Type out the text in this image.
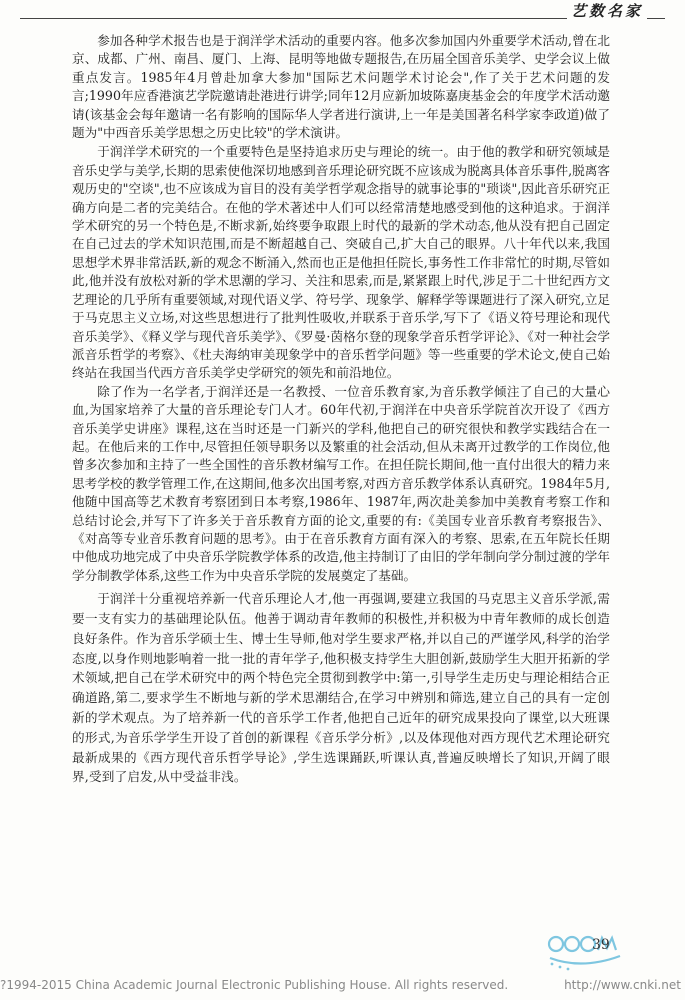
艺数名家

参加各种学术报告也是于润洋学术活动的重要内容。他多次参加国内外重要学术活动,曾在北京、成都、广州、南昌、厦门、上海、昆明等地做专题报告,在历届全国音乐美学、史学会议上做重点发言。1985年4月曾赴加拿大参加"国际艺术问题学术讨论会",作了关于艺术问题的发言;1990年应香港演艺学院邀请赴港进行讲学;同年12月应新加坡陈嘉庚基金会的年度学术活动邀请(该基金会每年邀请一名有影响的国际华人学者进行演讲,上一年是美国著名科学家李政道)做了题为"中西音乐美学思想之历史比较"的学术演讲。

于润洋学术研究的一个重要特色是坚持追求历史与理论的统一。由于他的教学和研究领域是音乐史学与美学,长期的思索使他深切地感到音乐理论研究既不应该成为脱离具体音乐事件,脱离客观历史的"空谈",也不应该成为盲目的没有美学哲学观念指导的就事论事的"琐谈",因此音乐研究正确方向是二者的完美结合。在他的学术著述中人们可以经常清楚地感受到他的这种追求。于润洋学术研究的另一个特色是,不断求新,始终要争取跟上时代的最新的学术动态,他从没有把自己固定在自己过去的学术知识范围,而是不断超越自己、突破自己,扩大自己的眼界。八十年代以来,我国思想学术界非常活跃,新的观念不断涌入,然而也正是他担任院长,事务性工作非常忙的时期,尽管如此,他并没有放松对新的学术思潮的学习、关注和思索,而是,紧紧跟上时代,涉足于二十世纪西方文艺理论的几乎所有重要领域,对现代语义学、符号学、现象学、解释学等课题进行了深入研究,立足于马克思主义立场,对这些思想进行了批判性吸收,并联系于音乐学,写下了《语义符号理论和现代音乐美学》、《释义学与现代音乐美学》、《罗曼·茵格尔登的现象学音乐哲学评论》、《对一种社会学派音乐哲学的考察》、《杜夫海纳审美现象学中的音乐哲学问题》等一些重要的学术论文,使自己始终站在我国当代西方音乐美学史学研究的领先和前沿地位。

除了作为一名学者,于润洋还是一名教授、一位音乐教育家,为音乐教学倾注了自己的大量心血,为国家培养了大量的音乐理论专门人才。60年代初,于润洋在中央音乐学院首次开设了《西方音乐美学史讲座》课程,这在当时还是一门新兴的学科,他把自己的研究很快和教学实践结合在一起。在他后来的工作中,尽管担任领导职务以及繁重的社会活动,但从未离开过教学的工作岗位,他曾多次参加和主持了一些全国性的音乐教材编写工作。在担任院长期间,他一直付出很大的精力来思考学校的教学管理工作,在这期间,他多次出国考察,对西方音乐教学体系认真研究。1984年5月,他随中国高等艺术教育考察团到日本考察,1986年、1987年,两次赴美参加中美教育考察工作和总结讨论会,并写下了许多关于音乐教育方面的论文,重要的有:《美国专业音乐教育考察报告》、《对高等专业音乐教育问题的思考》。由于在音乐教育方面有深入的考察、思索,在五年院长任期中他成功地完成了中央音乐学院教学体系的改造,他主持制订了由旧的学年制向学分制过渡的学年学分制教学体系,这些工作为中央音乐学院的发展奠定了基础。

于润洋十分重视培养新一代音乐理论人才,他一再强调,要建立我国的马克思主义音乐学派,需要一支有实力的基础理论队伍。他善于调动青年教师的积极性,并积极为中青年教师的成长创造良好条件。作为音乐学硕士生、博士生导师,他对学生要求严格,并以自己的严谨学风,科学的治学态度,以身作则地影响着一批一批的青年学子,他积极支持学生大胆创新,鼓励学生大胆开拓新的学术领域,把自己在学术研究中的两个特色完全贯彻到教学中:第一,引导学生走历史与理论相结合正确道路,第二,要求学生不断地与新的学术思潮结合,在学习中辨别和筛选,建立自己的具有一定创新的学术观点。为了培养新一代的音乐学工作者,他把自己近年的研究成果投向了课堂,以大班课的形式,为音乐学学生开设了首创的新课程《音乐学分析》,以及体现他对西方现代艺术理论研究最新成果的《西方现代音乐哲学导论》,学生选课踊跃,听课认真,普遍反映增长了知识,开阔了眼界,受到了启发,从中受益非浅。

39
?1994-2015 China Academic Journal Electronic Publishing House. All rights reserved.	http://www.cnki.net
